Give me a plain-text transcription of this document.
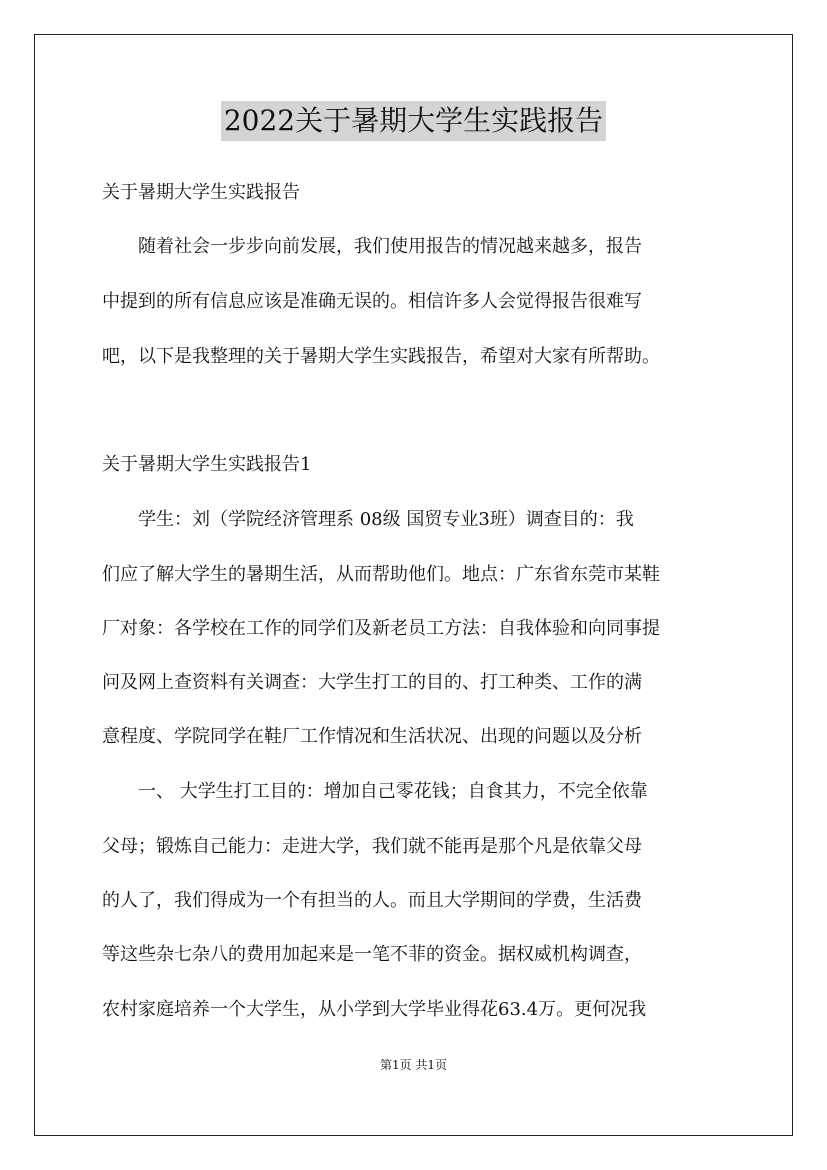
2022关于暑期大学生实践报告

关于暑期大学生实践报告

　　随着社会一步步向前发展，我们使用报告的情况越来越多，报告

中提到的所有信息应该是准确无误的。相信许多人会觉得报告很难写

吧，以下是我整理的关于暑期大学生实践报告，希望对大家有所帮助。

关于暑期大学生实践报告1

　　学生：刘（学院经济管理系 08级 国贸专业3班）调查目的：我

们应了解大学生的暑期生活，从而帮助他们。地点：广东省东莞市某鞋

厂对象：各学校在工作的同学们及新老员工方法：自我体验和向同事提

问及网上查资料有关调查：大学生打工的目的、打工种类、工作的满

意程度、学院同学在鞋厂工作情况和生活状况、出现的问题以及分析

　　一、 大学生打工目的：增加自己零花钱；自食其力，不完全依靠

父母；锻炼自己能力：走进大学，我们就不能再是那个凡是依靠父母

的人了，我们得成为一个有担当的人。而且大学期间的学费，生活费

等这些杂七杂八的费用加起来是一笔不菲的资金。据权威机构调查，

农村家庭培养一个大学生，从小学到大学毕业得花63.4万。更何况我

第1页 共1页
